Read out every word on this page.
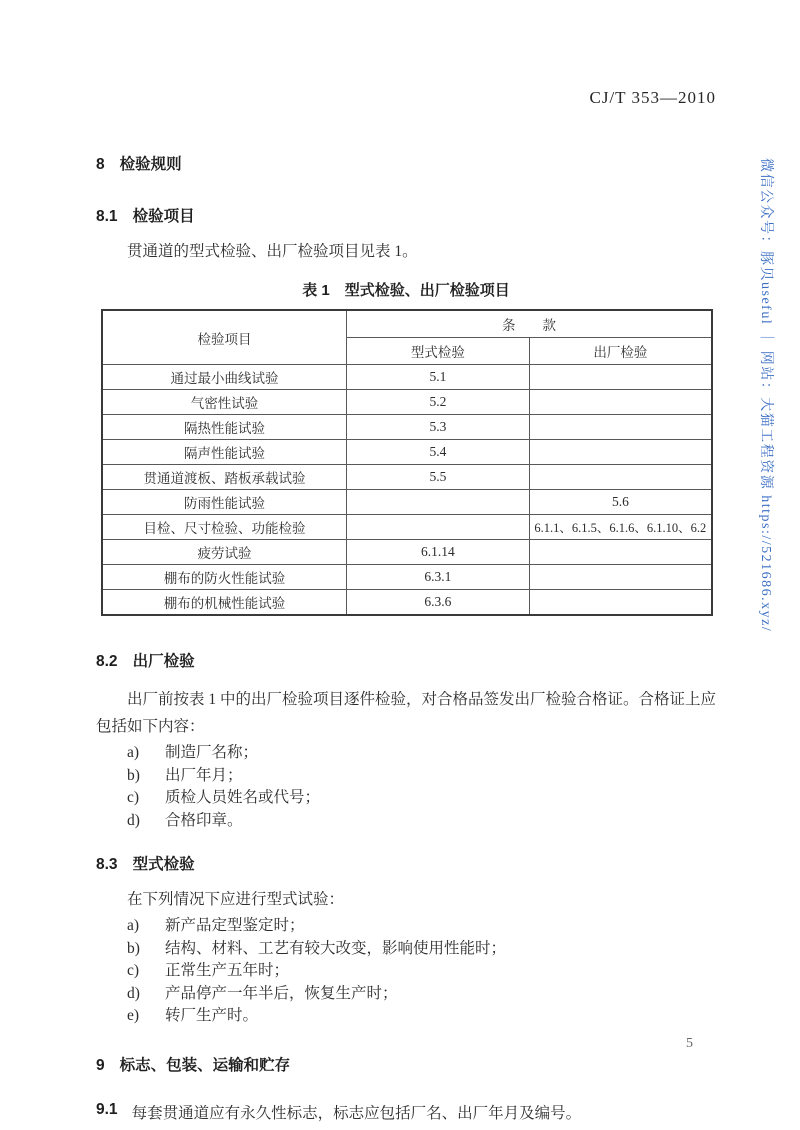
CJ/T 353—2010
8 检验规则
8.1 检验项目
贯通道的型式检验、出厂检验项目见表 1。
表 1　型式检验、出厂检验项目
检验项目	条　　款	
	型式检验	出厂检验
通过最小曲线试验	5.1	
气密性试验	5.2	
隔热性能试验	5.3	
隔声性能试验	5.4	
贯通道渡板、踏板承载试验	5.5	
防雨性能试验		5.6
目检、尺寸检验、功能检验		6.1.1、6.1.5、6.1.6、6.1.10、6.2
疲劳试验	6.1.14	
棚布的防火性能试验	6.3.1	
棚布的机械性能试验	6.3.6	
8.2 出厂检验
出厂前按表 1 中的出厂检验项目逐件检验，对合格品签发出厂检验合格证。合格证上应包括如下内容：
a)	制造厂名称；
b)	出厂年月；
c)	质检人员姓名或代号；
d)	合格印章。
8.3 型式检验
在下列情况下应进行型式试验：
a)	新产品定型鉴定时；
b)	结构、材料、工艺有较大改变，影响使用性能时；
c)	正常生产五年时；
d)	产品停产一年半后，恢复生产时；
e)	转厂生产时。
9 标志、包装、运输和贮存
9.1 每套贯通道应有永久性标志，标志应包括厂名、出厂年月及编号。
5
微信公众号：豚贝useful ｜ 网站：大猫工程资源 https://521686.xyz/
